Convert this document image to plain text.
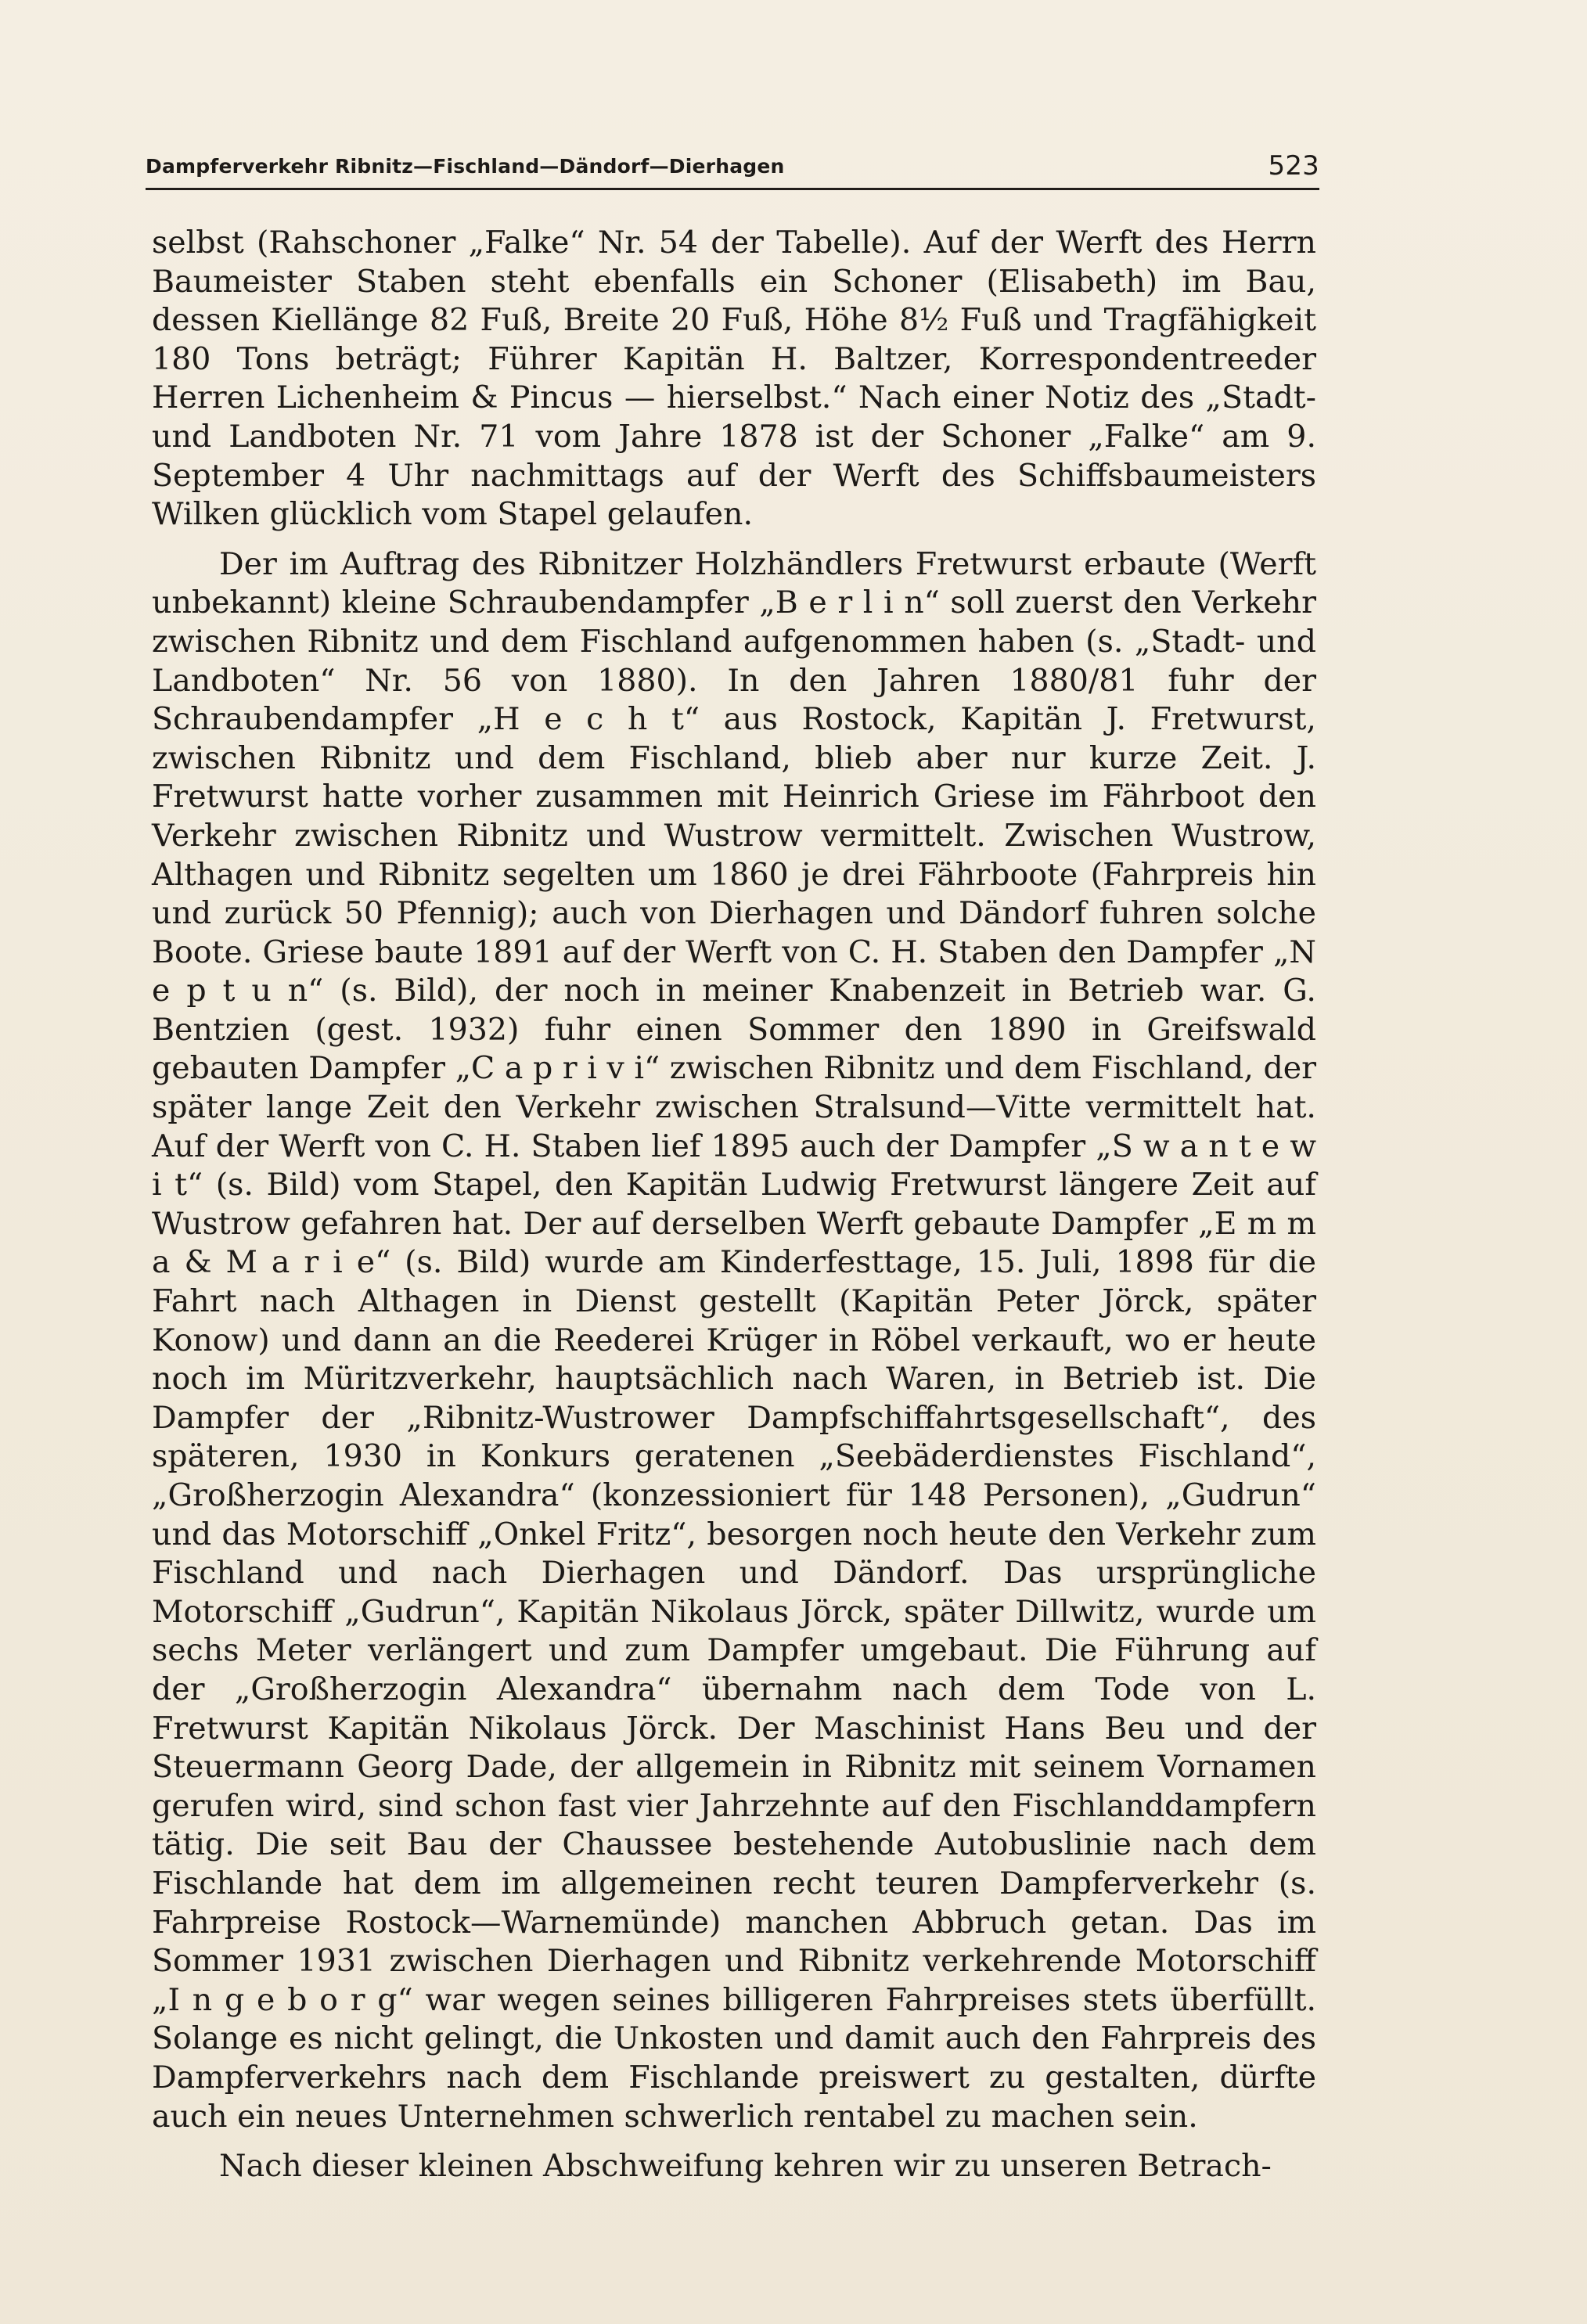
Dampferverkehr Ribnitz—Fischland—Dändorf—Dierhagen	523

selbst (Rahschoner „Falke“ Nr. 54 der Tabelle). Auf der Werft des Herrn Baumeister Staben steht ebenfalls ein Schoner (Elisabeth) im Bau, dessen Kiellänge 82 Fuß, Breite 20 Fuß, Höhe 8½ Fuß und Tragfähigkeit 180 Tons beträgt; Führer Kapitän H. Baltzer, Korrespondentreeder Herren Lichenheim & Pincus — hierselbst.“ Nach einer Notiz des „Stadt- und Landboten Nr. 71 vom Jahre 1878 ist der Schoner „Falke“ am 9. September 4 Uhr nachmittags auf der Werft des Schiffsbaumeisters Wilken glücklich vom Stapel gelaufen.

Der im Auftrag des Ribnitzer Holzhändlers Fretwurst erbaute (Werft unbekannt) kleine Schraubendampfer „B e r l i n“ soll zuerst den Verkehr zwischen Ribnitz und dem Fischland aufgenommen haben (s. „Stadt- und Landboten“ Nr. 56 von 1880). In den Jahren 1880/81 fuhr der Schraubendampfer „H e c h t“ aus Rostock, Kapitän J. Fretwurst, zwischen Ribnitz und dem Fischland, blieb aber nur kurze Zeit. J. Fretwurst hatte vorher zusammen mit Heinrich Griese im Fährboot den Verkehr zwischen Ribnitz und Wustrow vermittelt. Zwischen Wustrow, Althagen und Ribnitz segelten um 1860 je drei Fährboote (Fahrpreis hin und zurück 50 Pfennig); auch von Dierhagen und Dändorf fuhren solche Boote. Griese baute 1891 auf der Werft von C. H. Staben den Dampfer „N e p t u n“ (s. Bild), der noch in meiner Knabenzeit in Betrieb war. G. Bentzien (gest. 1932) fuhr einen Sommer den 1890 in Greifswald gebauten Dampfer „C a p r i v i“ zwischen Ribnitz und dem Fischland, der später lange Zeit den Verkehr zwischen Stralsund—Vitte vermittelt hat. Auf der Werft von C. H. Staben lief 1895 auch der Dampfer „S w a n t e w i t“ (s. Bild) vom Stapel, den Kapitän Ludwig Fretwurst längere Zeit auf Wustrow gefahren hat. Der auf derselben Werft gebaute Dampfer „E m m a & M a r i e“ (s. Bild) wurde am Kinderfesttage, 15. Juli, 1898 für die Fahrt nach Althagen in Dienst gestellt (Kapitän Peter Jörck, später Konow) und dann an die Reederei Krüger in Röbel verkauft, wo er heute noch im Müritzverkehr, hauptsächlich nach Waren, in Betrieb ist. Die Dampfer der „Ribnitz-Wustrower Dampfschiffahrtsgesellschaft“, des späteren, 1930 in Konkurs geratenen „Seebäderdienstes Fischland“, „Großherzogin Alexandra“ (konzessioniert für 148 Personen), „Gudrun“ und das Motorschiff „Onkel Fritz“, besorgen noch heute den Verkehr zum Fischland und nach Dierhagen und Dändorf. Das ursprüngliche Motorschiff „Gudrun“, Kapitän Nikolaus Jörck, später Dillwitz, wurde um sechs Meter verlängert und zum Dampfer umgebaut. Die Führung auf der „Großherzogin Alexandra“ übernahm nach dem Tode von L. Fretwurst Kapitän Nikolaus Jörck. Der Maschinist Hans Beu und der Steuermann Georg Dade, der allgemein in Ribnitz mit seinem Vornamen gerufen wird, sind schon fast vier Jahrzehnte auf den Fischlanddampfern tätig. Die seit Bau der Chaussee bestehende Autobuslinie nach dem Fischlande hat dem im allgemeinen recht teuren Dampferverkehr (s. Fahrpreise Rostock—Warnemünde) manchen Abbruch getan. Das im Sommer 1931 zwischen Dierhagen und Ribnitz verkehrende Motorschiff „I n g e b o r g“ war wegen seines billigeren Fahrpreises stets überfüllt. Solange es nicht gelingt, die Unkosten und damit auch den Fahrpreis des Dampferverkehrs nach dem Fischlande preiswert zu gestalten, dürfte auch ein neues Unternehmen schwerlich rentabel zu machen sein.

Nach dieser kleinen Abschweifung kehren wir zu unseren Betrach-
